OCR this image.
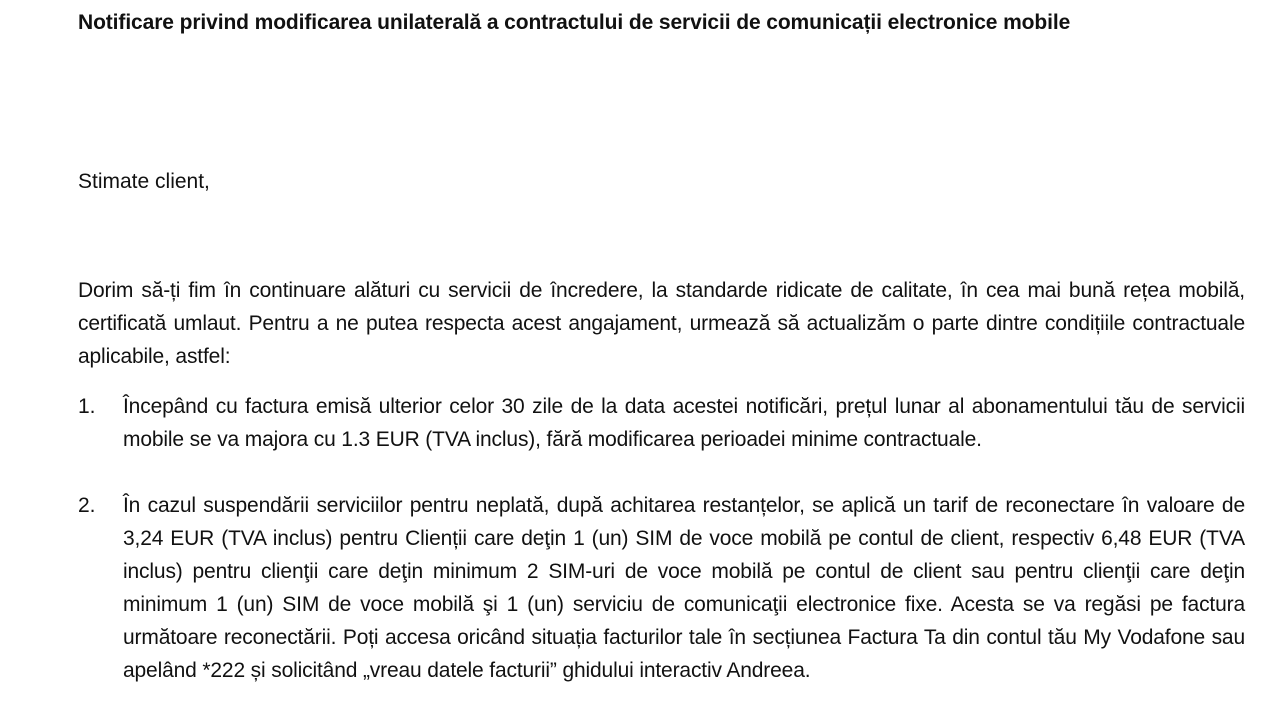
Notificare privind modificarea unilaterală a contractului de servicii de comunicații electronice mobile
Stimate client,
Dorim să-ți fim în continuare alături cu servicii de încredere, la standarde ridicate de calitate, în cea mai bună rețea mobilă, certificată umlaut. Pentru a ne putea respecta acest angajament, urmează să actualizăm o parte dintre condițiile contractuale aplicabile, astfel:
1. Începând cu factura emisă ulterior celor 30 zile de la data acestei notificări, prețul lunar al abonamentului tău de servicii mobile se va majora cu 1.3 EUR (TVA inclus), fără modificarea perioadei minime contractuale.
2. În cazul suspendării serviciilor pentru neplată, după achitarea restanțelor, se aplică un tarif de reconectare în valoare de 3,24 EUR (TVA inclus) pentru Clienții care deţin 1 (un) SIM de voce mobilă pe contul de client, respectiv 6,48 EUR (TVA inclus) pentru clienţii care deţin minimum 2 SIM-uri de voce mobilă pe contul de client sau pentru clienţii care deţin minimum 1 (un) SIM de voce mobilă şi 1 (un) serviciu de comunicaţii electronice fixe. Acesta se va regăsi pe factura următoare reconectării. Poți accesa oricând situația facturilor tale în secțiunea Factura Ta din contul tău My Vodafone sau apelând *222 și solicitând „vreau datele facturii” ghidului interactiv Andreea.
